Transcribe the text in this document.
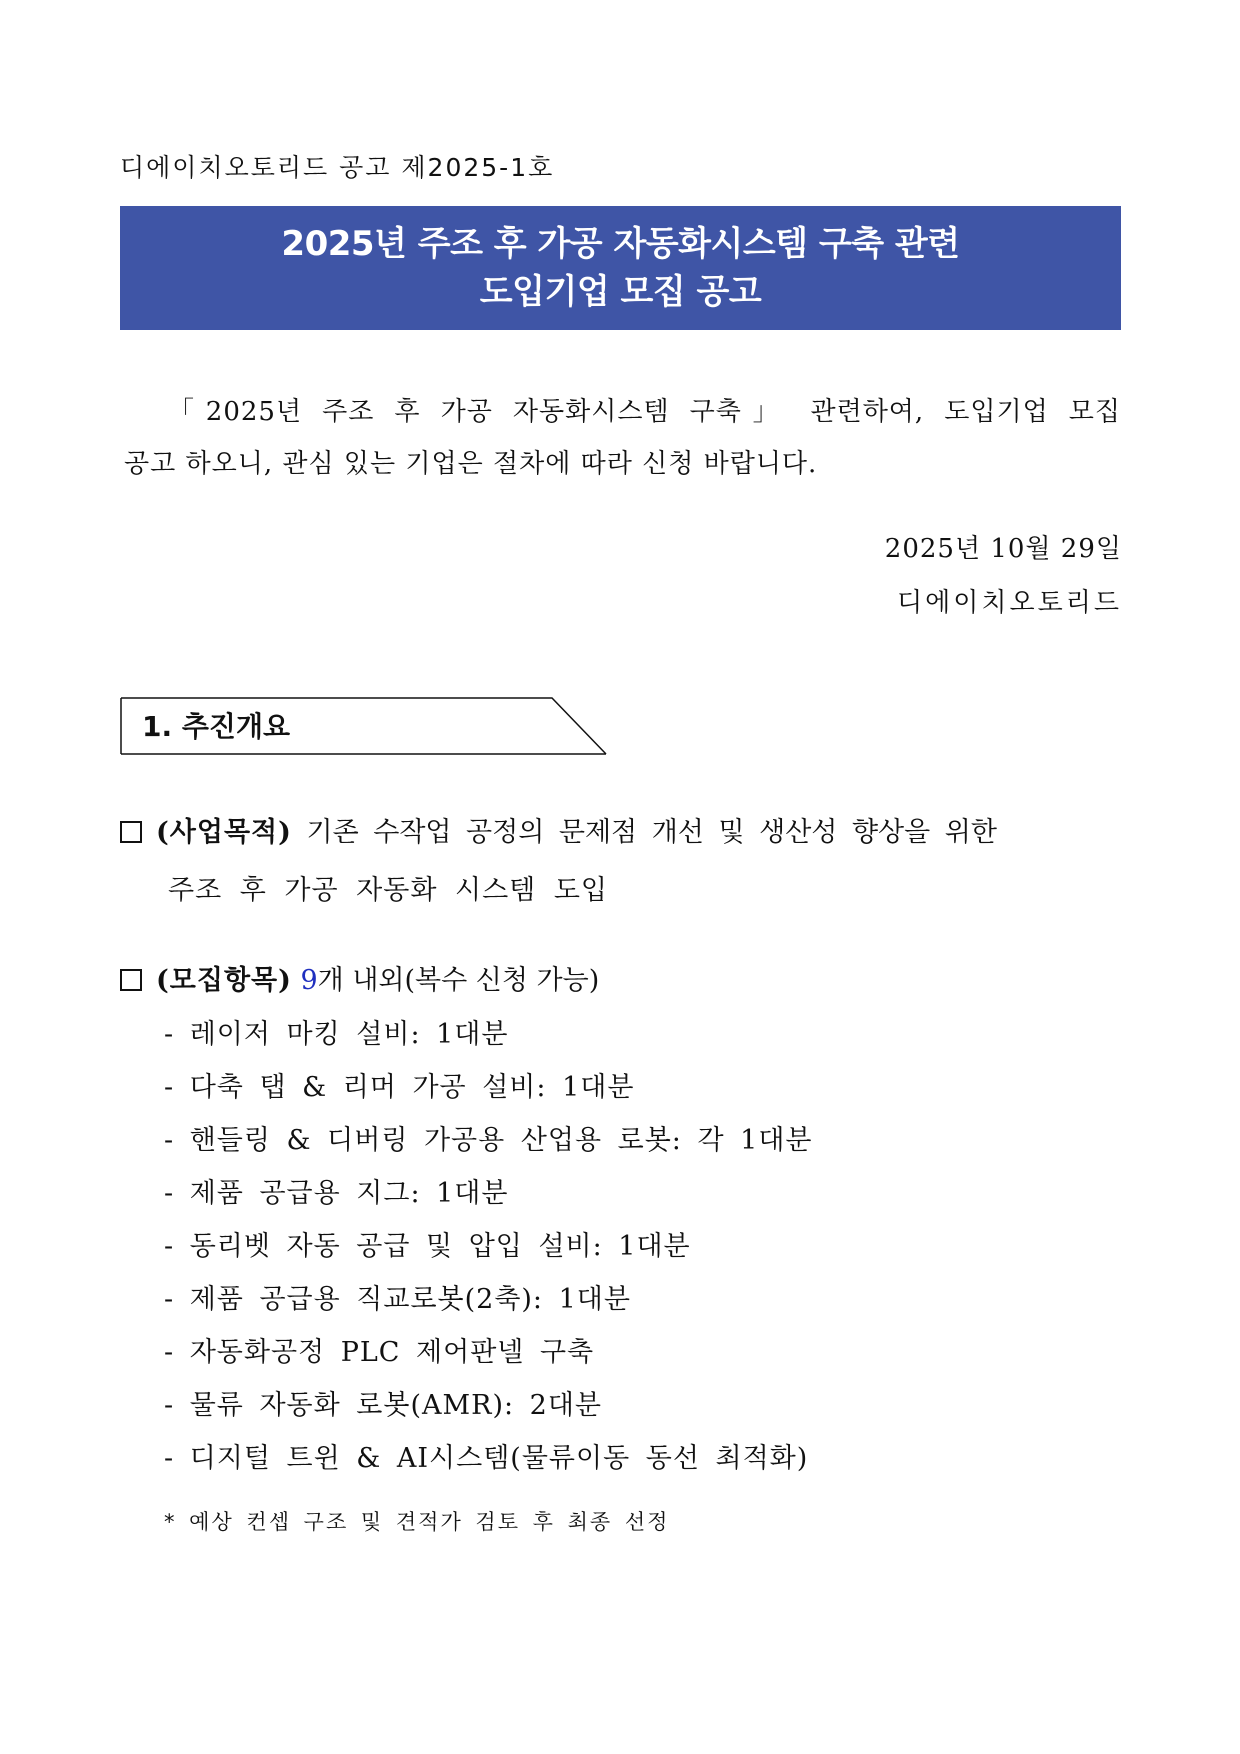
디에이치오토리드 공고 제2025-1호
2025년 주조 후 가공 자동화시스템 구축 관련
도입기업 모집 공고
「2025년 주조 후 가공 자동화시스템 구축」 관련하여, 도입기업 모집
공고 하오니, 관심 있는 기업은 절차에 따라 신청 바랍니다.
2025년 10월 29일
디에이치오토리드
1. 추진개요
(사업목적) 기존 수작업 공정의 문제점 개선 및 생산성 향상을 위한
주조 후 가공 자동화 시스템 도입
(모집항목) 9개 내외(복수 신청 가능)
- 레이저 마킹 설비: 1대분
- 다축 탭 & 리머 가공 설비: 1대분
- 핸들링 & 디버링 가공용 산업용 로봇: 각 1대분
- 제품 공급용 지그: 1대분
- 동리벳 자동 공급 및 압입 설비: 1대분
- 제품 공급용 직교로봇(2축): 1대분
- 자동화공정 PLC 제어판넬 구축
- 물류 자동화 로봇(AMR): 2대분
- 디지털 트윈 & AI시스템(물류이동 동선 최적화)
* 예상 컨셉 구조 및 견적가 검토 후 최종 선정
